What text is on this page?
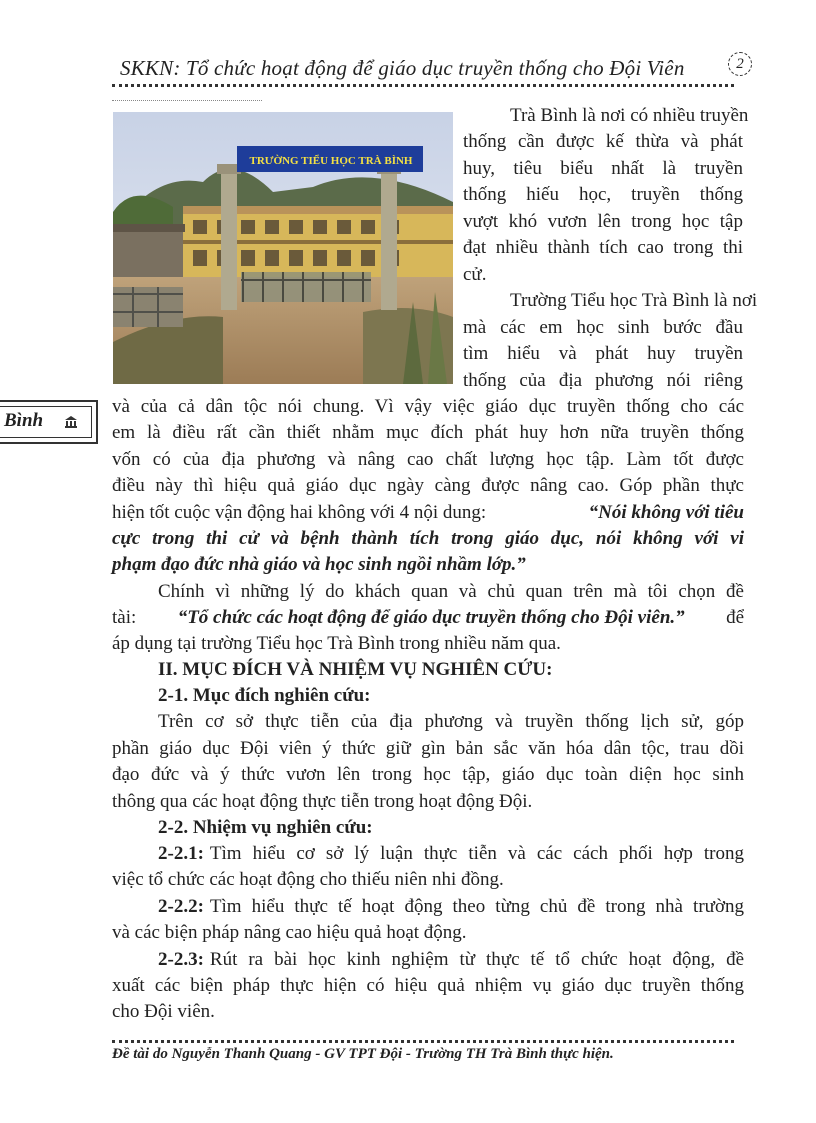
SKKN: Tổ chức hoạt động để giáo dục truyền thống cho Đội Viên	2
TRƯỜNG TIỂU HỌC TRÀ BÌNH
Bình
Trà Bình là nơi có nhiều truyền
thống cần được kế thừa và phát
huy, tiêu biểu nhất là truyền
thống hiếu học, truyền thống
vượt khó vươn lên trong học tập
đạt nhiều thành tích cao trong thi
cử.
Trường Tiểu học Trà Bình là nơi
mà các em học sinh bước đầu
tìm hiểu và phát huy truyền
thống của địa phương nói riêng
và của cả dân tộc nói chung. Vì vậy việc giáo dục truyền thống cho các
em là điều rất cần thiết nhằm mục đích phát huy hơn nữa truyền thống
vốn có của địa phương và nâng cao chất lượng học tập. Làm tốt được
điều này thì hiệu quả giáo dục ngày càng được nâng cao. Góp phần thực
hiện tốt cuộc vận động hai không với 4 nội dung:	“Nói không với tiêu
cực trong thi cử và bệnh thành tích trong giáo dục, nói không với vi
phạm đạo đức nhà giáo và học sinh ngồi nhầm lớp.”
Chính vì những lý do khách quan và chủ quan trên mà tôi chọn đề
tài: “Tổ chức các hoạt động để giáo dục truyền thống cho Đội viên.” để
áp dụng tại trường Tiểu học Trà Bình trong nhiều năm qua.
II. MỤC ĐÍCH VÀ NHIỆM VỤ NGHIÊN CỨU:
2-1. Mục đích nghiên cứu:
Trên cơ sở thực tiễn của địa phương và truyền thống lịch sử, góp
phần giáo dục Đội viên ý thức giữ gìn bản sắc văn hóa dân tộc, trau dồi
đạo đức và ý thức vươn lên trong học tập, giáo dục toàn diện học sinh
thông qua các hoạt động thực tiễn trong hoạt động Đội.
2-2. Nhiệm vụ nghiên cứu:
2-2.1: Tìm hiểu cơ sở lý luận thực tiễn và các cách phối hợp trong
việc tổ chức các hoạt động cho thiếu niên nhi đồng.
2-2.2: Tìm hiểu thực tế hoạt động theo từng chủ đề trong nhà trường
và các biện pháp nâng cao hiệu quả hoạt động.
2-2.3: Rút ra bài học kinh nghiệm từ thực tế tổ chức hoạt động, đề
xuất các biện pháp thực hiện có hiệu quả nhiệm vụ giáo dục truyền thống
cho Đội viên.
Đề tài do Nguyễn Thanh Quang - GV TPT Đội - Trường TH Trà Bình thực hiện.
